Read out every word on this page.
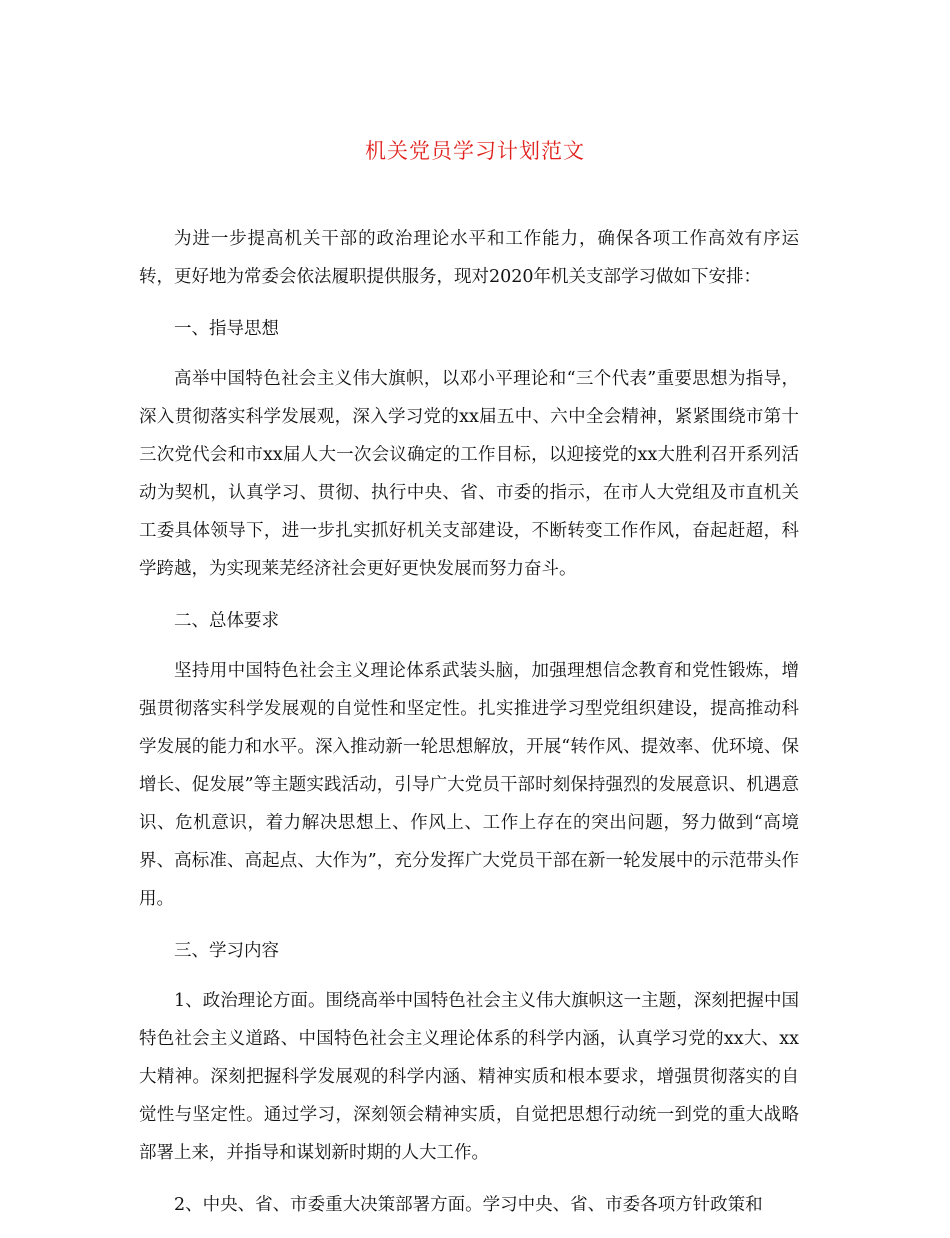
机关党员学习计划范文

为进一步提高机关干部的政治理论水平和工作能力，确保各项工作高效有序运转，更好地为常委会依法履职提供服务，现对2020年机关支部学习做如下安排：

一、指导思想

高举中国特色社会主义伟大旗帜，以邓小平理论和“三个代表”重要思想为指导，深入贯彻落实科学发展观，深入学习党的xx届五中、六中全会精神，紧紧围绕市第十三次党代会和市xx届人大一次会议确定的工作目标，以迎接党的xx大胜利召开系列活动为契机，认真学习、贯彻、执行中央、省、市委的指示，在市人大党组及市直机关工委具体领导下，进一步扎实抓好机关支部建设，不断转变工作作风，奋起赶超，科学跨越，为实现莱芜经济社会更好更快发展而努力奋斗。

二、总体要求

坚持用中国特色社会主义理论体系武装头脑，加强理想信念教育和党性锻炼，增强贯彻落实科学发展观的自觉性和坚定性。扎实推进学习型党组织建设，提高推动科学发展的能力和水平。深入推动新一轮思想解放，开展“转作风、提效率、优环境、保增长、促发展”等主题实践活动，引导广大党员干部时刻保持强烈的发展意识、机遇意识、危机意识，着力解决思想上、作风上、工作上存在的突出问题，努力做到“高境界、高标准、高起点、大作为”，充分发挥广大党员干部在新一轮发展中的示范带头作用。

三、学习内容

1、政治理论方面。围绕高举中国特色社会主义伟大旗帜这一主题，深刻把握中国特色社会主义道路、中国特色社会主义理论体系的科学内涵，认真学习党的xx大、xx大精神。深刻把握科学发展观的科学内涵、精神实质和根本要求，增强贯彻落实的自觉性与坚定性。通过学习，深刻领会精神实质，自觉把思想行动统一到党的重大战略部署上来，并指导和谋划新时期的人大工作。

2、中央、省、市委重大决策部署方面。学习中央、省、市委各项方针政策和
